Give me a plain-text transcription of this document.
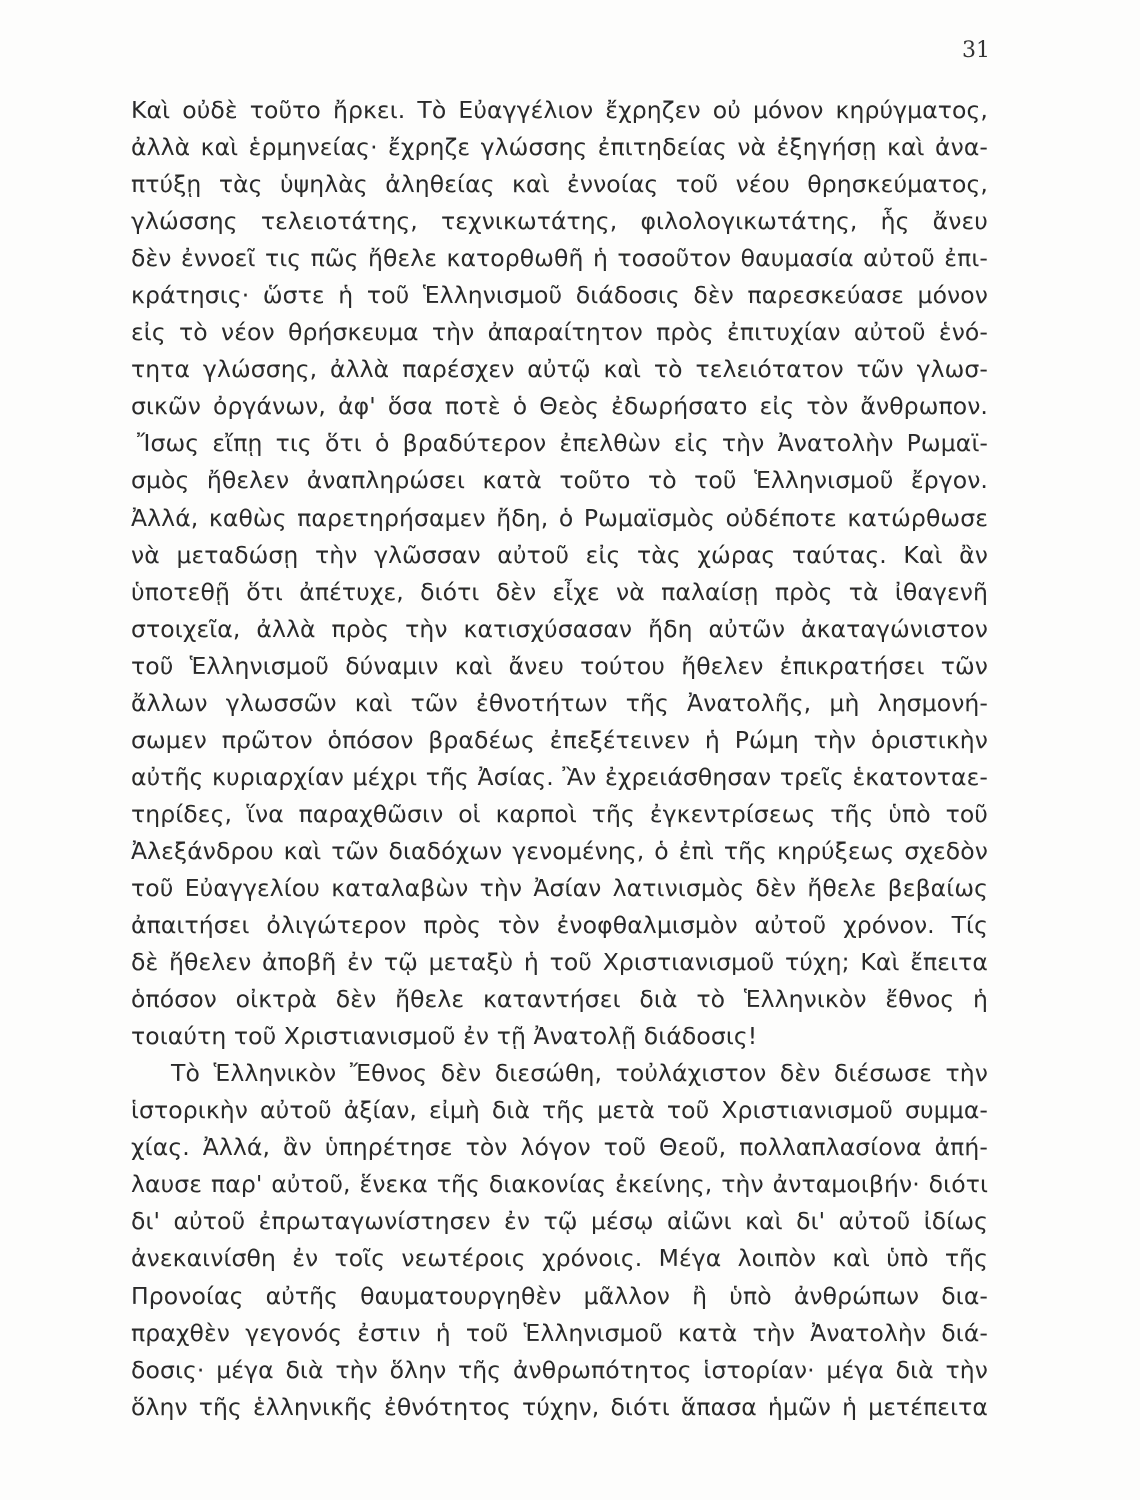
31
Καὶ οὐδὲ τοῦτο ἤρκει. Τὸ Εὐαγγέλιον ἔχρηζεν οὐ μόνον κηρύγματος,
ἀλλὰ καὶ ἑρμηνείας· ἔχρηζε γλώσσης ἐπιτηδείας νὰ ἐξηγήσῃ καὶ ἀνα-
πτύξῃ τὰς ὑψηλὰς ἀληθείας καὶ ἐννοίας τοῦ νέου θρησκεύματος,
γλώσσης τελειοτάτης, τεχνικωτάτης, φιλολογικωτάτης, ἧς ἄνευ
δὲν ἐννοεῖ τις πῶς ἤθελε κατορθωθῆ ἡ τοσοῦτον θαυμασία αὐτοῦ ἐπι-
κράτησις· ὥστε ἡ τοῦ Ἑλληνισμοῦ διάδοσις δὲν παρεσκεύασε μόνον
εἰς τὸ νέον θρήσκευμα τὴν ἀπαραίτητον πρὸς ἐπιτυχίαν αὐτοῦ ἑνό-
τητα γλώσσης, ἀλλὰ παρέσχεν αὐτῷ καὶ τὸ τελειότατον τῶν γλωσ-
σικῶν ὀργάνων, ἀφ' ὅσα ποτὲ ὁ Θεὸς ἐδωρήσατο εἰς τὸν ἄνθρωπον.
Ἴσως εἴπῃ τις ὅτι ὁ βραδύτερον ἐπελθὼν εἰς τὴν Ἀνατολὴν Ρωμαϊ-
σμὸς ἤθελεν ἀναπληρώσει κατὰ τοῦτο τὸ τοῦ Ἑλληνισμοῦ ἔργον.
Ἀλλά, καθὼς παρετηρήσαμεν ἤδη, ὁ Ρωμαϊσμὸς οὐδέποτε κατώρθωσε
νὰ μεταδώσῃ τὴν γλῶσσαν αὐτοῦ εἰς τὰς χώρας ταύτας. Καὶ ἂν
ὑποτεθῇ ὅτι ἀπέτυχε, διότι δὲν εἶχε νὰ παλαίσῃ πρὸς τὰ ἰθαγενῆ
στοιχεῖα, ἀλλὰ πρὸς τὴν κατισχύσασαν ἤδη αὐτῶν ἀκαταγώνιστον
τοῦ Ἑλληνισμοῦ δύναμιν καὶ ἄνευ τούτου ἤθελεν ἐπικρατήσει τῶν
ἄλλων γλωσσῶν καὶ τῶν ἐθνοτήτων τῆς Ἀνατολῆς, μὴ λησμονή-
σωμεν πρῶτον ὁπόσον βραδέως ἐπεξέτεινεν ἡ Ρώμη τὴν ὁριστικὴν
αὐτῆς κυριαρχίαν μέχρι τῆς Ἀσίας. Ἂν ἐχρειάσθησαν τρεῖς ἑκατονταε-
τηρίδες, ἵνα παραχθῶσιν οἱ καρποὶ τῆς ἐγκεντρίσεως τῆς ὑπὸ τοῦ
Ἀλεξάνδρου καὶ τῶν διαδόχων γενομένης, ὁ ἐπὶ τῆς κηρύξεως σχεδὸν
τοῦ Εὐαγγελίου καταλαβὼν τὴν Ἀσίαν λατινισμὸς δὲν ἤθελε βεβαίως
ἀπαιτήσει ὀλιγώτερον πρὸς τὸν ἐνοφθαλμισμὸν αὐτοῦ χρόνον. Τίς
δὲ ἤθελεν ἀποβῆ ἐν τῷ μεταξὺ ἡ τοῦ Χριστιανισμοῦ τύχη; Καὶ ἔπειτα
ὁπόσον οἰκτρὰ δὲν ἤθελε καταντήσει διὰ τὸ Ἑλληνικὸν ἔθνος ἡ
τοιαύτη τοῦ Χριστιανισμοῦ ἐν τῇ Ἀνατολῇ διάδοσις!
Τὸ Ἑλληνικὸν Ἔθνος δὲν διεσώθη, τοὐλάχιστον δὲν διέσωσε τὴν
ἱστορικὴν αὐτοῦ ἀξίαν, εἰμὴ διὰ τῆς μετὰ τοῦ Χριστιανισμοῦ συμμα-
χίας. Ἀλλά, ἂν ὑπηρέτησε τὸν λόγον τοῦ Θεοῦ, πολλαπλασίονα ἀπή-
λαυσε παρ' αὐτοῦ, ἕνεκα τῆς διακονίας ἐκείνης, τὴν ἀνταμοιβήν· διότι
δι' αὐτοῦ ἐπρωταγωνίστησεν ἐν τῷ μέσῳ αἰῶνι καὶ δι' αὐτοῦ ἰδίως
ἀνεκαινίσθη ἐν τοῖς νεωτέροις χρόνοις. Μέγα λοιπὸν καὶ ὑπὸ τῆς
Προνοίας αὐτῆς θαυματουργηθὲν μᾶλλον ἢ ὑπὸ ἀνθρώπων δια-
πραχθὲν γεγονός ἐστιν ἡ τοῦ Ἑλληνισμοῦ κατὰ τὴν Ἀνατολὴν διά-
δοσις· μέγα διὰ τὴν ὅλην τῆς ἀνθρωπότητος ἱστορίαν· μέγα διὰ τὴν
ὅλην τῆς ἑλληνικῆς ἐθνότητος τύχην, διότι ἅπασα ἡμῶν ἡ μετέπειτα
